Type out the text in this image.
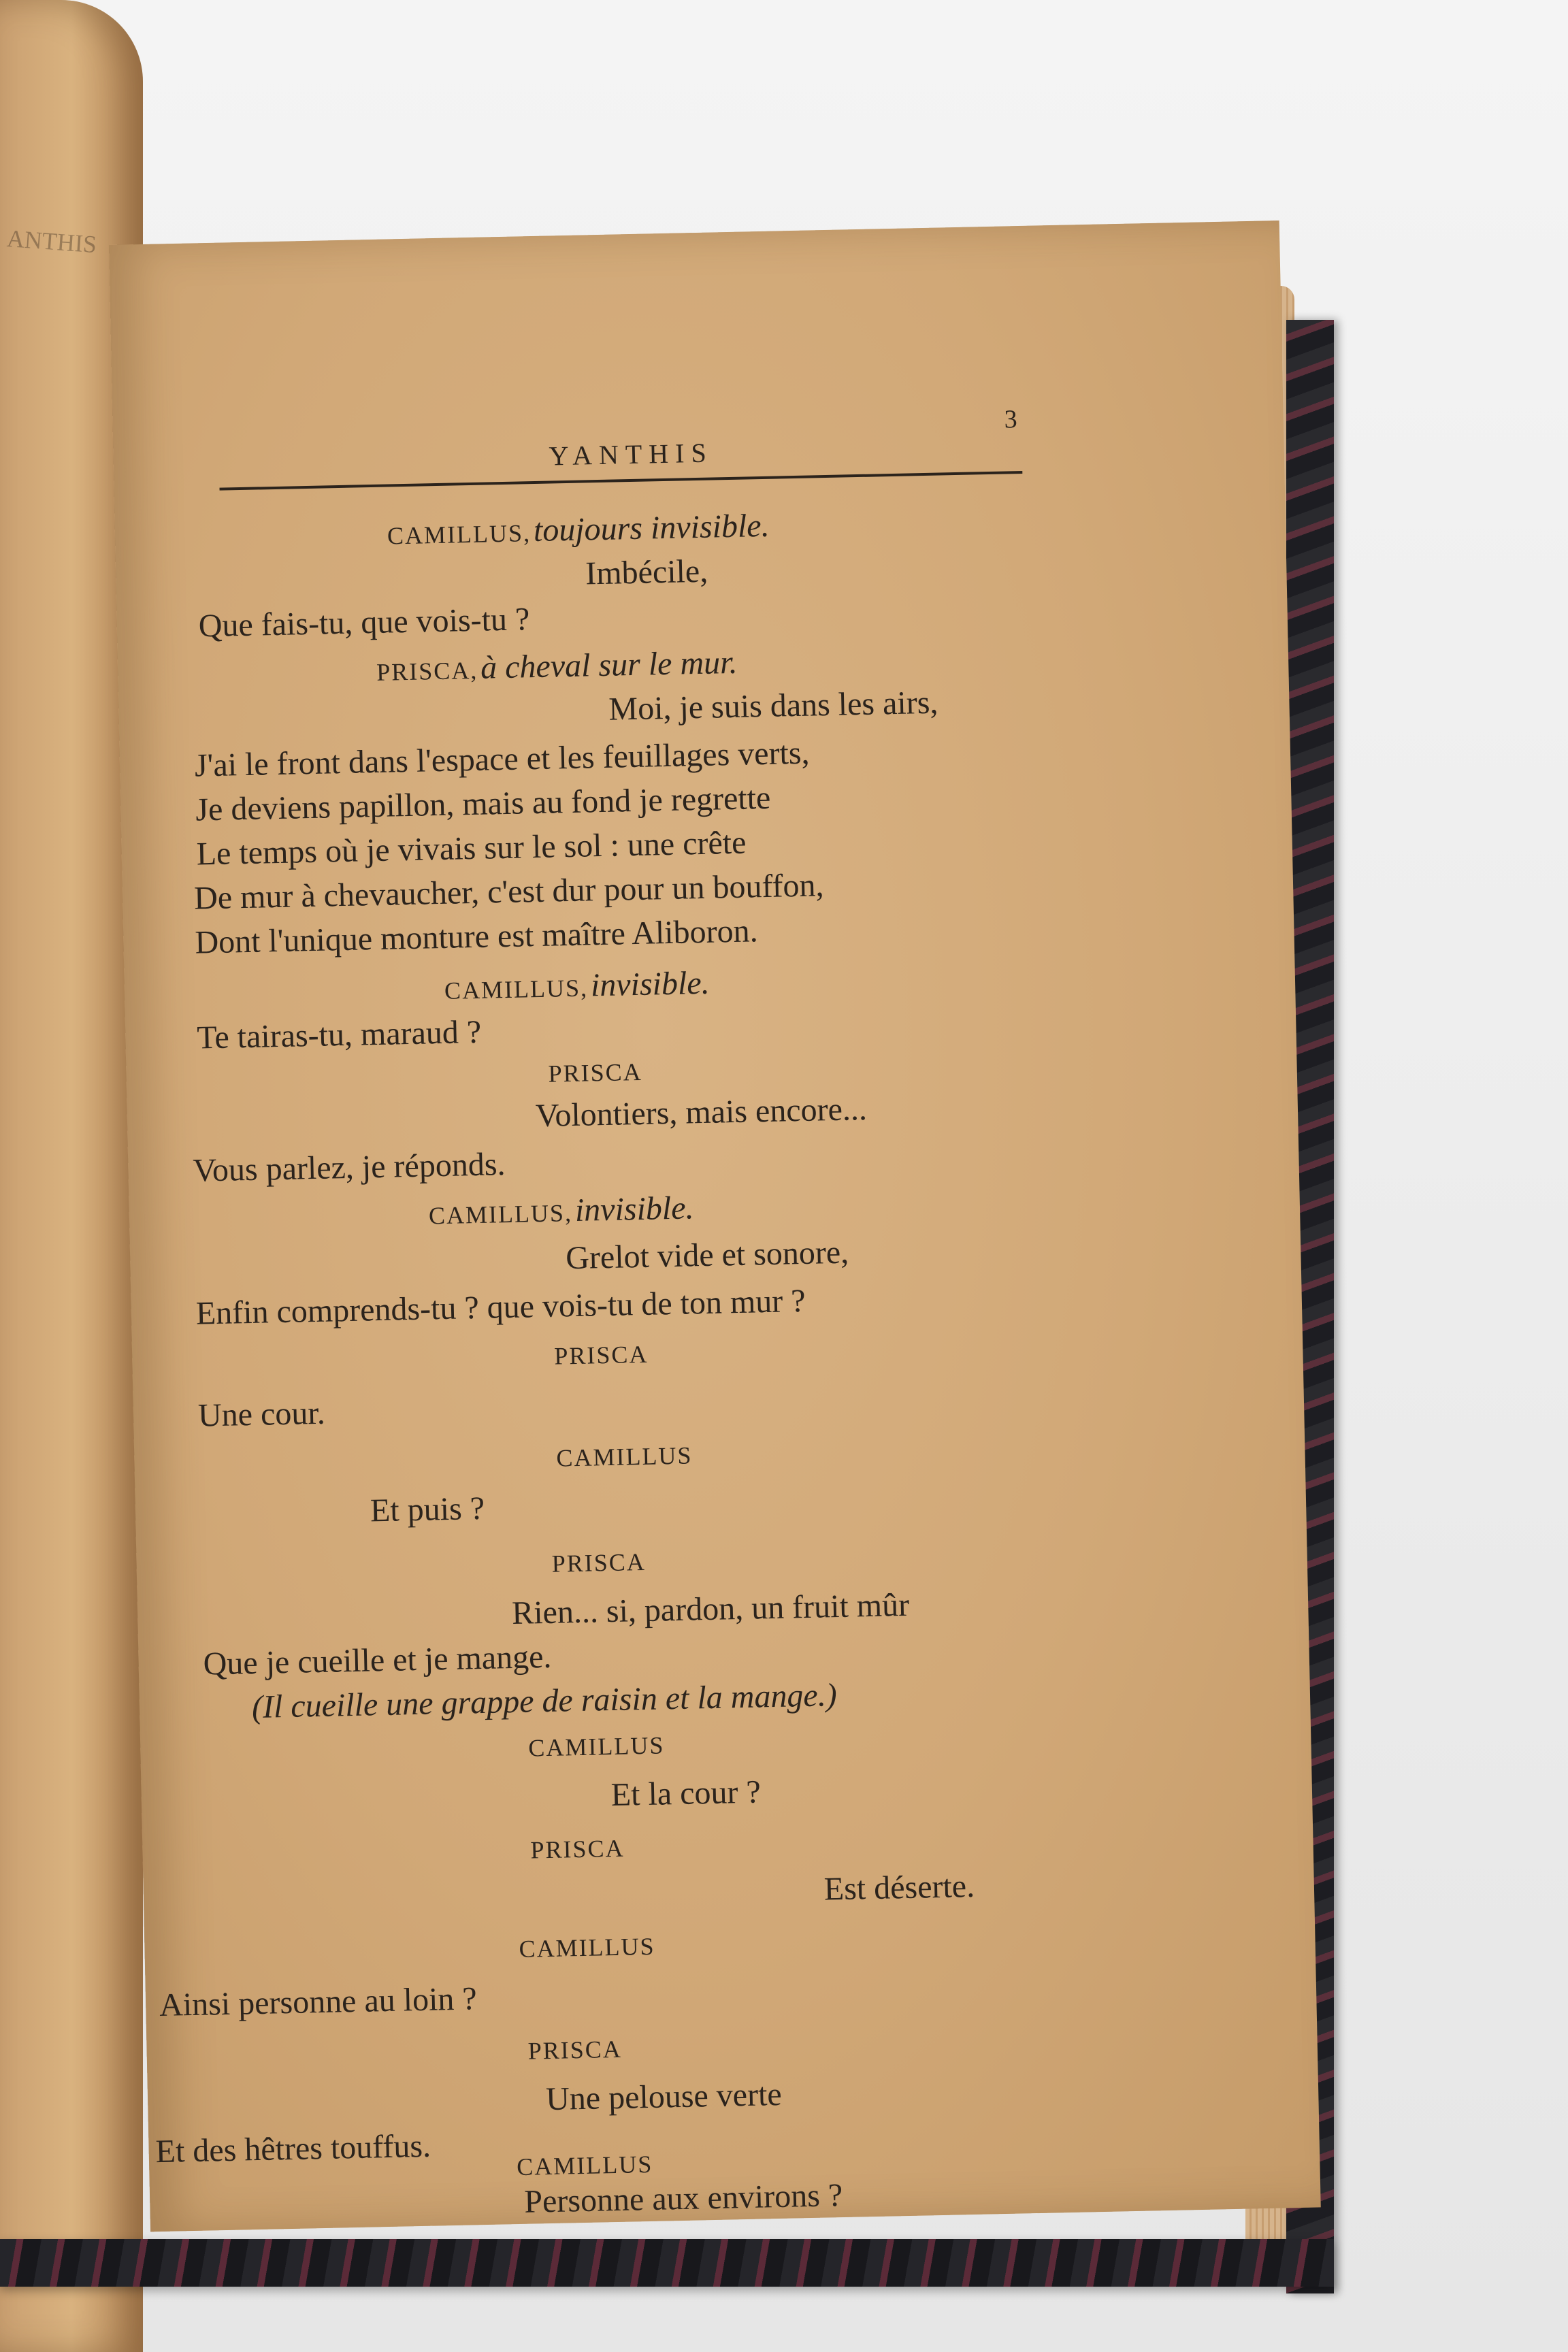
ANTHIS
YANTHIS
3
CAMILLUS, toujours invisible.
Imbécile,
Que fais-tu, que vois-tu ?
PRISCA, à cheval sur le mur.
Moi, je suis dans les airs,
J'ai le front dans l'espace et les feuillages verts,
Je deviens papillon, mais au fond je regrette
Le temps où je vivais sur le sol : une crête
De mur à chevaucher, c'est dur pour un bouffon,
Dont l'unique monture est maître Aliboron.
CAMILLUS, invisible.
Te tairas-tu, maraud ?
PRISCA
Volontiers, mais encore...
Vous parlez, je réponds.
CAMILLUS, invisible.
Grelot vide et sonore,
Enfin comprends-tu ? que vois-tu de ton mur ?
PRISCA
Une cour.
CAMILLUS
Et puis ?
PRISCA
Rien... si, pardon, un fruit mûr
Que je cueille et je mange.
(Il cueille une grappe de raisin et la mange.)
CAMILLUS
Et la cour ?
PRISCA
Est déserte.
CAMILLUS
Ainsi personne au loin ?
PRISCA
Une pelouse verte
Et des hêtres touffus.	CAMILLUS
Personne aux environs ?
